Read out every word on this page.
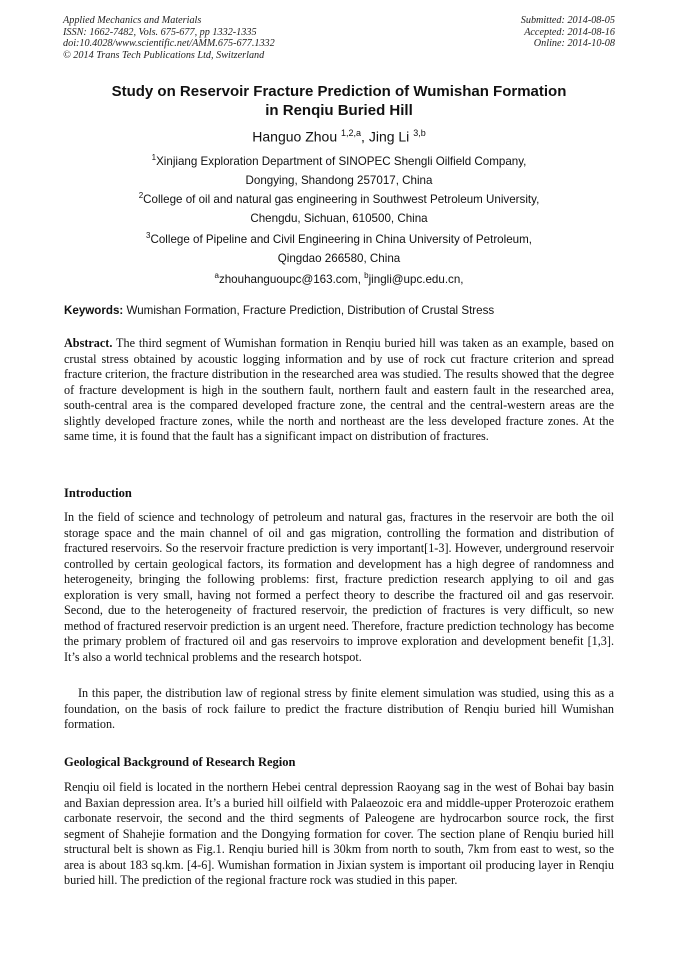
Applied Mechanics and Materials
ISSN: 1662-7482, Vols. 675-677, pp 1332-1335
doi:10.4028/www.scientific.net/AMM.675-677.1332
© 2014 Trans Tech Publications Ltd, Switzerland
Submitted: 2014-08-05
Accepted: 2014-08-16
Online: 2014-10-08
Study on Reservoir Fracture Prediction of Wumishan Formation
in Renqiu Buried Hill
Hanguo Zhou $^{1,2,a}$, Jing Li $^{3,b}$
$^1$Xinjiang Exploration Department of SINOPEC Shengli Oilfield Company,
Dongying, Shandong 257017, China
$^2$College of oil and natural gas engineering in Southwest Petroleum University,
Chengdu, Sichuan, 610500, China
$^3$College of Pipeline and Civil Engineering in China University of Petroleum,
Qingdao 266580, China
$^a$zhouhanguoupc@163.com, $^b$jingli@upc.edu.cn,
Keywords: Wumishan Formation, Fracture Prediction, Distribution of Crustal Stress
Abstract. The third segment of Wumishan formation in Renqiu buried hill was taken as an example, based on crustal stress obtained by acoustic logging information and by use of rock cut fracture criterion and spread fracture criterion, the fracture distribution in the researched area was studied. The results showed that the degree of fracture development is high in the southern fault, northern fault and eastern fault in the researched area, south-central area is the compared developed fracture zone, the central and the central-western areas are the slightly developed fracture zones, while the north and northeast are the less developed fracture zones. At the same time, it is found that the fault has a significant impact on distribution of fractures.
Introduction

In the field of science and technology of petroleum and natural gas, fractures in the reservoir are both the oil storage space and the main channel of oil and gas migration, controlling the formation and distribution of fractured reservoirs. So the reservoir fracture prediction is very important[1-3]. However, underground reservoir controlled by certain geological factors, its formation and development has a high degree of randomness and heterogeneity, bringing the following problems: first, fracture prediction research applying to oil and gas exploration is very small, having not formed a perfect theory to describe the fractured oil and gas reservoir. Second, due to the heterogeneity of fractured reservoir, the prediction of fractures is very difficult, so new method of fractured reservoir prediction is an urgent need. Therefore, fracture prediction technology has become the primary problem of fractured oil and gas reservoirs to improve exploration and development benefit [1,3]. It’s also a world technical problems and the research hotspot.

In this paper, the distribution law of regional stress by finite element simulation was studied, using this as a foundation, on the basis of rock failure to predict the fracture distribution of Renqiu buried hill Wumishan formation.

Geological Background of Research Region

Renqiu oil field is located in the northern Hebei central depression Raoyang sag in the west of Bohai bay basin and Baxian depression area. It’s a buried hill oilfield with Palaeozoic era and middle-upper Proterozoic erathem carbonate reservoir, the second and the third segments of Paleogene are hydrocarbon source rock, the first segment of Shahejie formation and the Dongying formation for cover. The section plane of Renqiu buried hill structural belt is shown as Fig.1. Renqiu buried hill is 30km from north to south, 7km from east to west, so the area is about 183 sq.km. [4-6]. Wumishan formation in Jixian system is important oil producing layer in Renqiu buried hill. The prediction of the regional fracture rock was studied in this paper.
